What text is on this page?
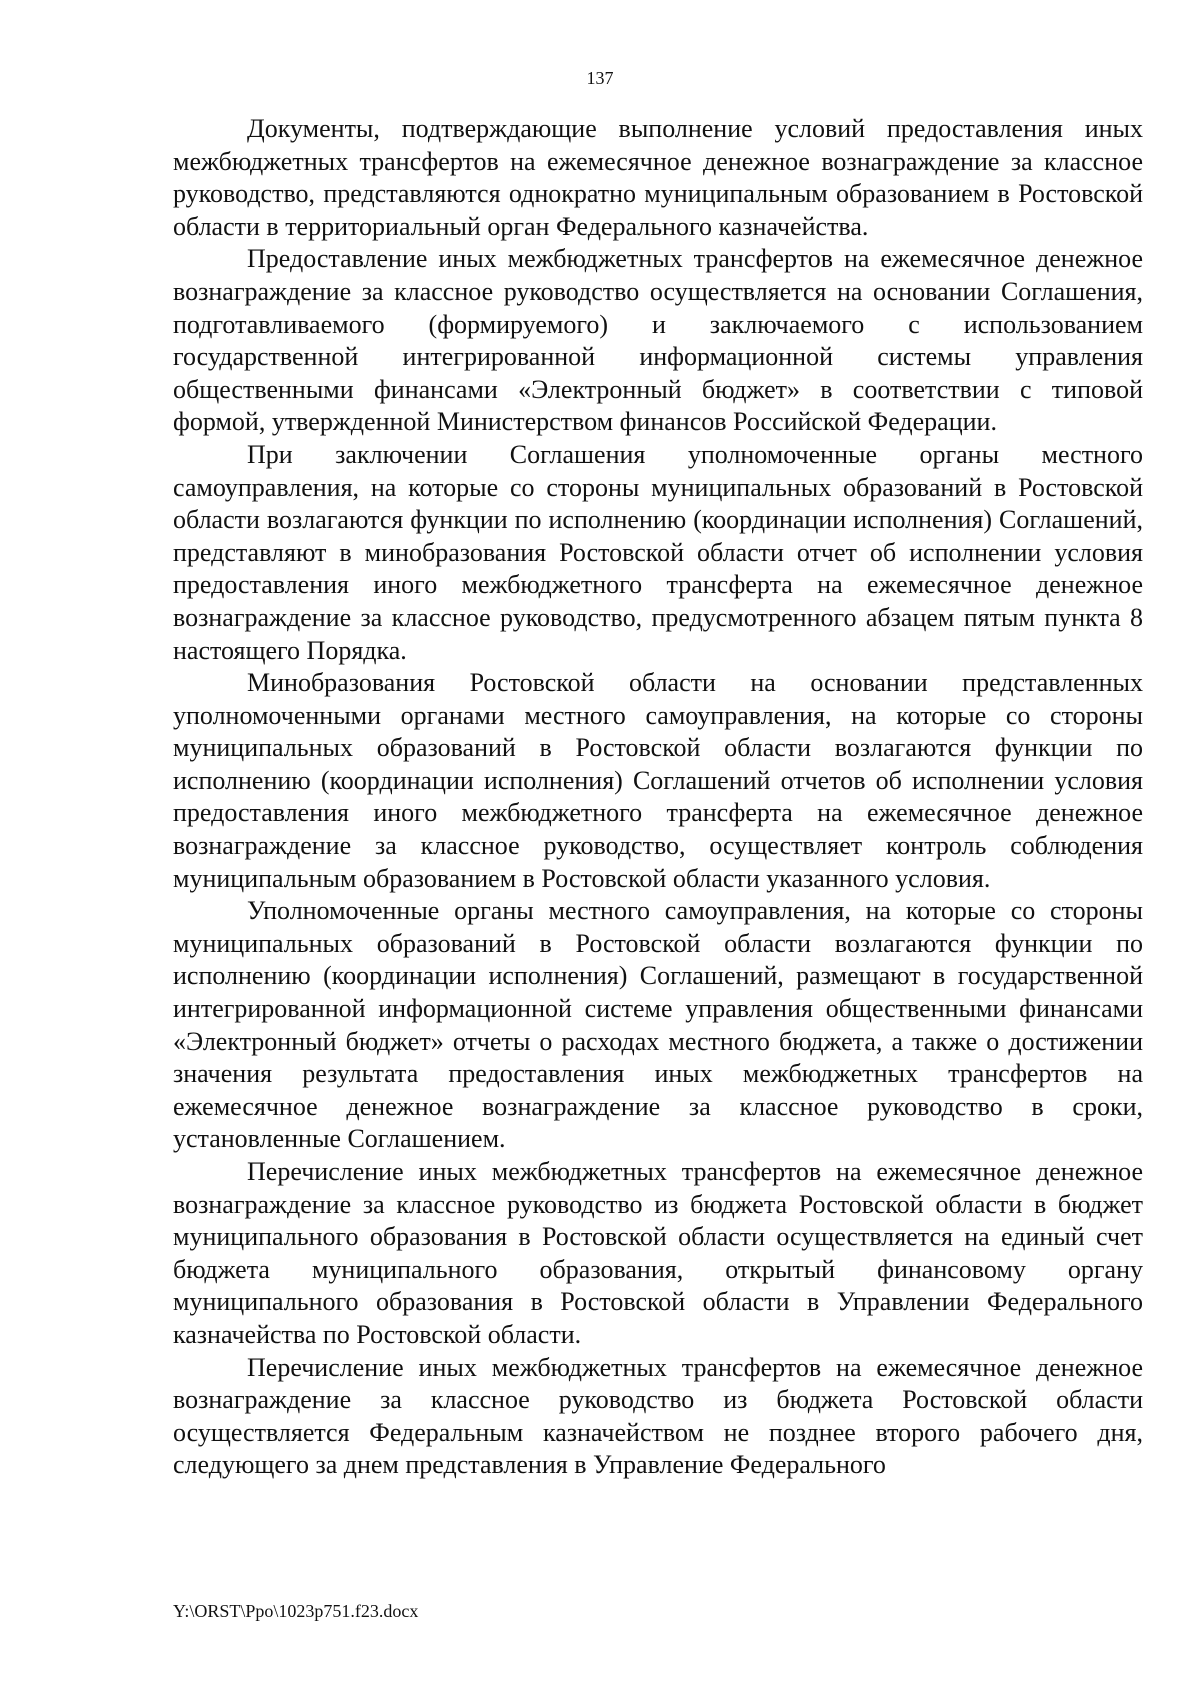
137

Документы, подтверждающие выполнение условий предоставления иных межбюджетных трансфертов на ежемесячное денежное вознаграждение за классное руководство, представляются однократно муниципальным образованием в Ростовской области в территориальный орган Федерального казначейства.

Предоставление иных межбюджетных трансфертов на ежемесячное денежное вознаграждение за классное руководство осуществляется на основании Соглашения, подготавливаемого (формируемого) и заключаемого с использованием государственной интегрированной информационной системы управления общественными финансами «Электронный бюджет» в соответствии с типовой формой, утвержденной Министерством финансов Российской Федерации.

При заключении Соглашения уполномоченные органы местного самоуправления, на которые со стороны муниципальных образований в Ростовской области возлагаются функции по исполнению (координации исполнения) Соглашений, представляют в минобразования Ростовской области отчет об исполнении условия предоставления иного межбюджетного трансферта на ежемесячное денежное вознаграждение за классное руководство, предусмотренного абзацем пятым пункта 8 настоящего Порядка.

Минобразования Ростовской области на основании представленных уполномоченными органами местного самоуправления, на которые со стороны муниципальных образований в Ростовской области возлагаются функции по исполнению (координации исполнения) Соглашений отчетов об исполнении условия предоставления иного межбюджетного трансферта на ежемесячное денежное вознаграждение за классное руководство, осуществляет контроль соблюдения муниципальным образованием в Ростовской области указанного условия.

Уполномоченные органы местного самоуправления, на которые со стороны муниципальных образований в Ростовской области возлагаются функции по исполнению (координации исполнения) Соглашений, размещают в государственной интегрированной информационной системе управления общественными финансами «Электронный бюджет» отчеты о расходах местного бюджета, а также о достижении значения результата предоставления иных межбюджетных трансфертов на ежемесячное денежное вознаграждение за классное руководство в сроки, установленные Соглашением.

Перечисление иных межбюджетных трансфертов на ежемесячное денежное вознаграждение за классное руководство из бюджета Ростовской области в бюджет муниципального образования в Ростовской области осуществляется на единый счет бюджета муниципального образования, открытый финансовому органу муниципального образования в Ростовской области в Управлении Федерального казначейства по Ростовской области.

Перечисление иных межбюджетных трансфертов на ежемесячное денежное вознаграждение за классное руководство из бюджета Ростовской области осуществляется Федеральным казначейством не позднее второго рабочего дня, следующего за днем представления в Управление Федерального

Y:\ORST\Ppo\1023p751.f23.docx
